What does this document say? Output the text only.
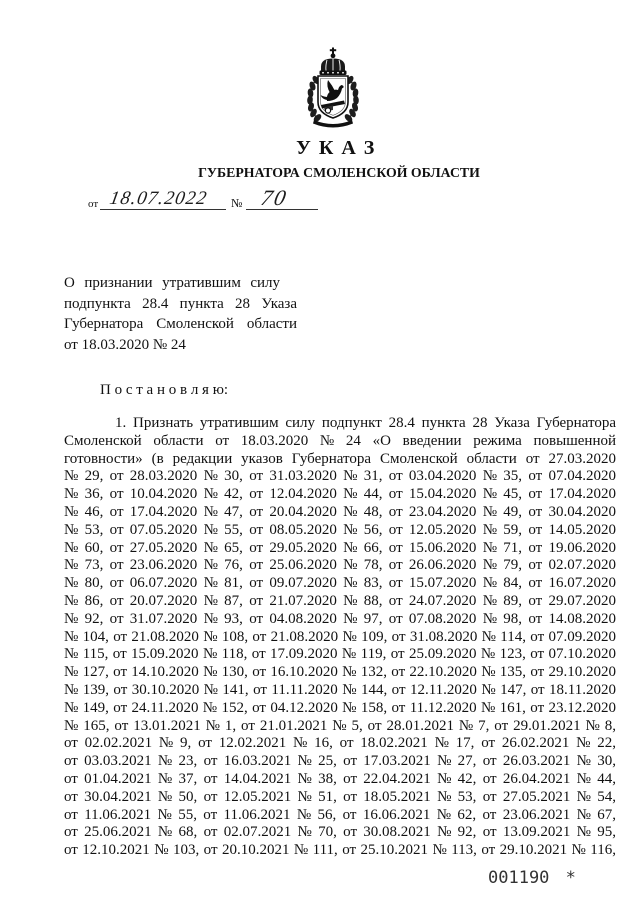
У К А З
ГУБЕРНАТОРА СМОЛЕНСКОЙ ОБЛАСТИ
от 18.07.2022 № 70
О признании утратившим силу
подпункта 28.4 пункта 28 Указа
Губернатора Смоленской области
от 18.03.2020 № 24
П о с т а н о в л я ю:
1. Признать утратившим силу подпункт 28.4 пункта 28 Указа Губернатора
Смоленской области от 18.03.2020 № 24 «О введении режима повышенной
готовности» (в редакции указов Губернатора Смоленской области от 27.03.2020
№ 29, от 28.03.2020 № 30, от 31.03.2020 № 31, от 03.04.2020 № 35, от 07.04.2020
№ 36, от 10.04.2020 № 42, от 12.04.2020 № 44, от 15.04.2020 № 45, от 17.04.2020
№ 46, от 17.04.2020 № 47, от 20.04.2020 № 48, от 23.04.2020 № 49, от 30.04.2020
№ 53, от 07.05.2020 № 55, от 08.05.2020 № 56, от 12.05.2020 № 59, от 14.05.2020
№ 60, от 27.05.2020 № 65, от 29.05.2020 № 66, от 15.06.2020 № 71, от 19.06.2020
№ 73, от 23.06.2020 № 76, от 25.06.2020 № 78, от 26.06.2020 № 79, от 02.07.2020
№ 80, от 06.07.2020 № 81, от 09.07.2020 № 83, от 15.07.2020 № 84, от 16.07.2020
№ 86, от 20.07.2020 № 87, от 21.07.2020 № 88, от 24.07.2020 № 89, от 29.07.2020
№ 92, от 31.07.2020 № 93, от 04.08.2020 № 97, от 07.08.2020 № 98, от 14.08.2020
№ 104, от 21.08.2020 № 108, от 21.08.2020 № 109, от 31.08.2020 № 114, от 07.09.2020
№ 115, от 15.09.2020 № 118, от 17.09.2020 № 119, от 25.09.2020 № 123, от 07.10.2020
№ 127, от 14.10.2020 № 130, от 16.10.2020 № 132, от 22.10.2020 № 135, от 29.10.2020
№ 139, от 30.10.2020 № 141, от 11.11.2020 № 144, от 12.11.2020 № 147, от 18.11.2020
№ 149, от 24.11.2020 № 152, от 04.12.2020 № 158, от 11.12.2020 № 161, от 23.12.2020
№ 165, от 13.01.2021 № 1, от 21.01.2021 № 5, от 28.01.2021 № 7, от 29.01.2021 № 8,
от 02.02.2021 № 9, от 12.02.2021 № 16, от 18.02.2021 № 17, от 26.02.2021 № 22,
от 03.03.2021 № 23, от 16.03.2021 № 25, от 17.03.2021 № 27, от 26.03.2021 № 30,
от 01.04.2021 № 37, от 14.04.2021 № 38, от 22.04.2021 № 42, от 26.04.2021 № 44,
от 30.04.2021 № 50, от 12.05.2021 № 51, от 18.05.2021 № 53, от 27.05.2021 № 54,
от 11.06.2021 № 55, от 11.06.2021 № 56, от 16.06.2021 № 62, от 23.06.2021 № 67,
от 25.06.2021 № 68, от 02.07.2021 № 70, от 30.08.2021 № 92, от 13.09.2021 № 95,
от 12.10.2021 № 103, от 20.10.2021 № 111, от 25.10.2021 № 113, от 29.10.2021 № 116,
001190 *
